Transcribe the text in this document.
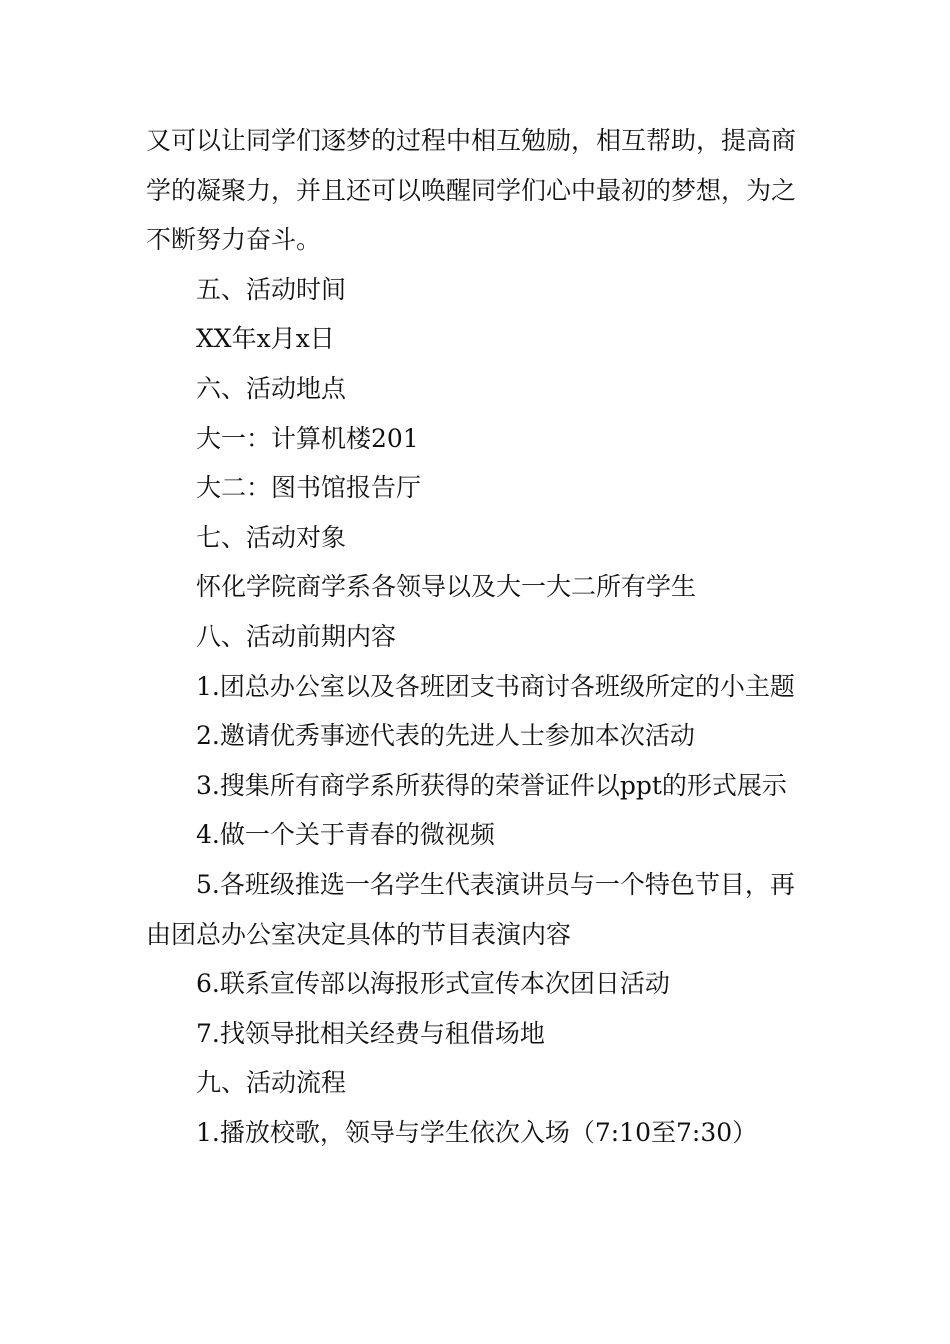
又可以让同学们逐梦的过程中相互勉励，相互帮助，提高商学的凝聚力，并且还可以唤醒同学们心中最初的梦想，为之不断努力奋斗。

五、活动时间

XX年x月x日

六、活动地点

大一：计算机楼201

大二：图书馆报告厅

七、活动对象

怀化学院商学系各领导以及大一大二所有学生

八、活动前期内容

1.团总办公室以及各班团支书商讨各班级所定的小主题

2.邀请优秀事迹代表的先进人士参加本次活动

3.搜集所有商学系所获得的荣誉证件以ppt的形式展示

4.做一个关于青春的微视频

5.各班级推选一名学生代表演讲员与一个特色节目，再由团总办公室决定具体的节目表演内容

6.联系宣传部以海报形式宣传本次团日活动

7.找领导批相关经费与租借场地

九、活动流程

1.播放校歌，领导与学生依次入场（7:10至7:30）
